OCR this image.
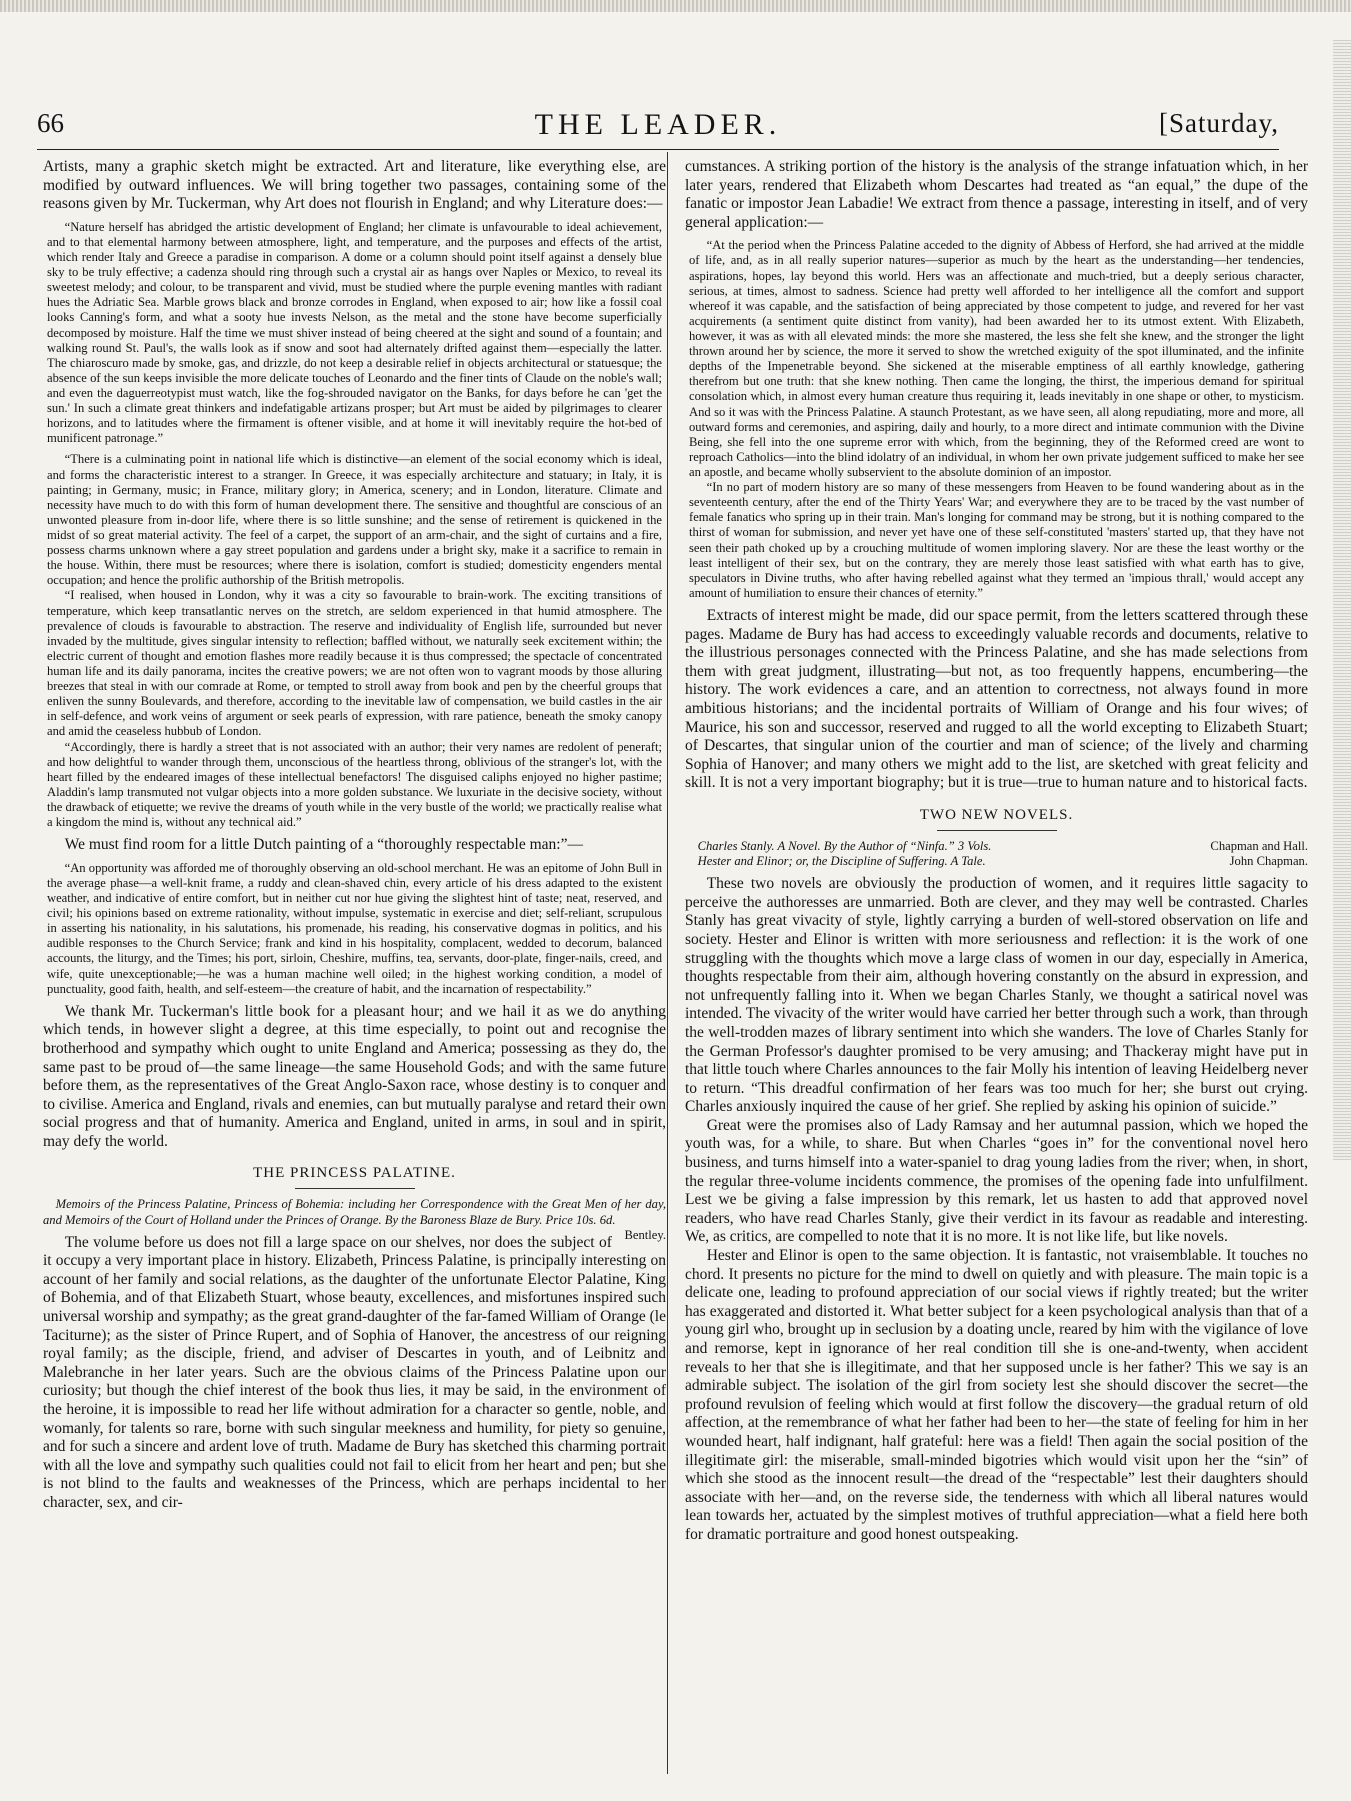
66	THE LEADER.	[Saturday,

Artists, many a graphic sketch might be extracted. Art and literature, like everything else, are modified by outward influences. We will bring together two passages, containing some of the reasons given by Mr. Tuckerman, why Art does not flourish in England; and why Literature does:—

“Nature herself has abridged the artistic development of England; her climate is unfavourable to ideal achievement, and to that elemental harmony between atmosphere, light, and temperature, and the purposes and effects of the artist, which render Italy and Greece a paradise in comparison. A dome or a column should point itself against a densely blue sky to be truly effective; a cadenza should ring through such a crystal air as hangs over Naples or Mexico, to reveal its sweetest melody; and colour, to be transparent and vivid, must be studied where the purple evening mantles with radiant hues the Adriatic Sea. Marble grows black and bronze corrodes in England, when exposed to air; how like a fossil coal looks Canning's form, and what a sooty hue invests Nelson, as the metal and the stone have become superficially decomposed by moisture. Half the time we must shiver instead of being cheered at the sight and sound of a fountain; and walking round St. Paul's, the walls look as if snow and soot had alternately drifted against them—especially the latter. The chiaroscuro made by smoke, gas, and drizzle, do not keep a desirable relief in objects architectural or statuesque; the absence of the sun keeps invisible the more delicate touches of Leonardo and the finer tints of Claude on the noble's wall; and even the daguerreotypist must watch, like the fog-shrouded navigator on the Banks, for days before he can 'get the sun.' In such a climate great thinkers and indefatigable artizans prosper; but Art must be aided by pilgrimages to clearer horizons, and to latitudes where the firmament is oftener visible, and at home it will inevitably require the hot-bed of munificent patronage.”

“There is a culminating point in national life which is distinctive—an element of the social economy which is ideal, and forms the characteristic interest to a stranger. In Greece, it was especially architecture and statuary; in Italy, it is painting; in Germany, music; in France, military glory; in America, scenery; and in London, literature. Climate and necessity have much to do with this form of human development there. The sensitive and thoughtful are conscious of an unwonted pleasure from in-door life, where there is so little sunshine; and the sense of retirement is quickened in the midst of so great material activity. The feel of a carpet, the support of an arm-chair, and the sight of curtains and a fire, possess charms unknown where a gay street population and gardens under a bright sky, make it a sacrifice to remain in the house. Within, there must be resources; where there is isolation, comfort is studied; domesticity engenders mental occupation; and hence the prolific authorship of the British metropolis.

“I realised, when housed in London, why it was a city so favourable to brain-work. The exciting transitions of temperature, which keep transatlantic nerves on the stretch, are seldom experienced in that humid atmosphere. The prevalence of clouds is favourable to abstraction. The reserve and individuality of English life, surrounded but never invaded by the multitude, gives singular intensity to reflection; baffled without, we naturally seek excitement within; the electric current of thought and emotion flashes more readily because it is thus compressed; the spectacle of concentrated human life and its daily panorama, incites the creative powers; we are not often won to vagrant moods by those alluring breezes that steal in with our comrade at Rome, or tempted to stroll away from book and pen by the cheerful groups that enliven the sunny Boulevards, and therefore, according to the inevitable law of compensation, we build castles in the air in self-defence, and work veins of argument or seek pearls of expression, with rare patience, beneath the smoky canopy and amid the ceaseless hubbub of London.

“Accordingly, there is hardly a street that is not associated with an author; their very names are redolent of peneraft; and how delightful to wander through them, unconscious of the heartless throng, oblivious of the stranger's lot, with the heart filled by the endeared images of these intellectual benefactors! The disguised caliphs enjoyed no higher pastime; Aladdin's lamp transmuted not vulgar objects into a more golden substance. We luxuriate in the decisive society, without the drawback of etiquette; we revive the dreams of youth while in the very bustle of the world; we practically realise what a kingdom the mind is, without any technical aid.”

We must find room for a little Dutch painting of a “thoroughly respectable man:”—

“An opportunity was afforded me of thoroughly observing an old-school merchant. He was an epitome of John Bull in the average phase—a well-knit frame, a ruddy and clean-shaved chin, every article of his dress adapted to the existent weather, and indicative of entire comfort, but in neither cut nor hue giving the slightest hint of taste; neat, reserved, and civil; his opinions based on extreme rationality, without impulse, systematic in exercise and diet; self-reliant, scrupulous in asserting his nationality, in his salutations, his promenade, his reading, his conservative dogmas in politics, and his audible responses to the Church Service; frank and kind in his hospitality, complacent, wedded to decorum, balanced accounts, the liturgy, and the Times; his port, sirloin, Cheshire, muffins, tea, servants, door-plate, finger-nails, creed, and wife, quite unexceptionable;—he was a human machine well oiled; in the highest working condition, a model of punctuality, good faith, health, and self-esteem—the creature of habit, and the incarnation of respectability.”

We thank Mr. Tuckerman's little book for a pleasant hour; and we hail it as we do anything which tends, in however slight a degree, at this time especially, to point out and recognise the brotherhood and sympathy which ought to unite England and America; possessing as they do, the same past to be proud of—the same lineage—the same Household Gods; and with the same future before them, as the representatives of the Great Anglo-Saxon race, whose destiny is to conquer and to civilise. America and England, rivals and enemies, can but mutually paralyse and retard their own social progress and that of humanity. America and England, united in arms, in soul and in spirit, may defy the world.

THE PRINCESS PALATINE.

Memoirs of the Princess Palatine, Princess of Bohemia: including her Correspondence with the Great Men of her day, and Memoirs of the Court of Holland under the Princes of Orange. By the Baroness Blaze de Bury. Price 10s. 6d.
Bentley.

The volume before us does not fill a large space on our shelves, nor does the subject of it occupy a very important place in history. Elizabeth, Princess Palatine, is principally interesting on account of her family and social relations, as the daughter of the unfortunate Elector Palatine, King of Bohemia, and of that Elizabeth Stuart, whose beauty, excellences, and misfortunes inspired such universal worship and sympathy; as the great grand-daughter of the far-famed William of Orange (le Taciturne); as the sister of Prince Rupert, and of Sophia of Hanover, the ancestress of our reigning royal family; as the disciple, friend, and adviser of Descartes in youth, and of Leibnitz and Malebranche in her later years. Such are the obvious claims of the Princess Palatine upon our curiosity; but though the chief interest of the book thus lies, it may be said, in the environment of the heroine, it is impossible to read her life without admiration for a character so gentle, noble, and womanly, for talents so rare, borne with such singular meekness and humility, for piety so genuine, and for such a sincere and ardent love of truth. Madame de Bury has sketched this charming portrait with all the love and sympathy such qualities could not fail to elicit from her heart and pen; but she is not blind to the faults and weaknesses of the Princess, which are perhaps incidental to her character, sex, and cir-

cumstances. A striking portion of the history is the analysis of the strange infatuation which, in her later years, rendered that Elizabeth whom Descartes had treated as “an equal,” the dupe of the fanatic or impostor Jean Labadie! We extract from thence a passage, interesting in itself, and of very general application:—

“At the period when the Princess Palatine acceded to the dignity of Abbess of Herford, she had arrived at the middle of life, and, as in all really superior natures—superior as much by the heart as the understanding—her tendencies, aspirations, hopes, lay beyond this world. Hers was an affectionate and much-tried, but a deeply serious character, serious, at times, almost to sadness. Science had pretty well afforded to her intelligence all the comfort and support whereof it was capable, and the satisfaction of being appreciated by those competent to judge, and revered for her vast acquirements (a sentiment quite distinct from vanity), had been awarded her to its utmost extent. With Elizabeth, however, it was as with all elevated minds: the more she mastered, the less she felt she knew, and the stronger the light thrown around her by science, the more it served to show the wretched exiguity of the spot illuminated, and the infinite depths of the Impenetrable beyond. She sickened at the miserable emptiness of all earthly knowledge, gathering therefrom but one truth: that she knew nothing. Then came the longing, the thirst, the imperious demand for spiritual consolation which, in almost every human creature thus requiring it, leads inevitably in one shape or other, to mysticism. And so it was with the Princess Palatine. A staunch Protestant, as we have seen, all along repudiating, more and more, all outward forms and ceremonies, and aspiring, daily and hourly, to a more direct and intimate communion with the Divine Being, she fell into the one supreme error with which, from the beginning, they of the Reformed creed are wont to reproach Catholics—into the blind idolatry of an individual, in whom her own private judgement sufficed to make her see an apostle, and became wholly subservient to the absolute dominion of an impostor.

“In no part of modern history are so many of these messengers from Heaven to be found wandering about as in the seventeenth century, after the end of the Thirty Years' War; and everywhere they are to be traced by the vast number of female fanatics who spring up in their train. Man's longing for command may be strong, but it is nothing compared to the thirst of woman for submission, and never yet have one of these self-constituted 'masters' started up, that they have not seen their path choked up by a crouching multitude of women imploring slavery. Nor are these the least worthy or the least intelligent of their sex, but on the contrary, they are merely those least satisfied with what earth has to give, speculators in Divine truths, who after having rebelled against what they termed an 'impious thrall,' would accept any amount of humiliation to ensure their chances of eternity.”

Extracts of interest might be made, did our space permit, from the letters scattered through these pages. Madame de Bury has had access to exceedingly valuable records and documents, relative to the illustrious personages connected with the Princess Palatine, and she has made selections from them with great judgment, illustrating—but not, as too frequently happens, encumbering—the history. The work evidences a care, and an attention to correctness, not always found in more ambitious historians; and the incidental portraits of William of Orange and his four wives; of Maurice, his son and successor, reserved and rugged to all the world excepting to Elizabeth Stuart; of Descartes, that singular union of the courtier and man of science; of the lively and charming Sophia of Hanover; and many others we might add to the list, are sketched with great felicity and skill. It is not a very important biography; but it is true—true to human nature and to historical facts.

TWO NEW NOVELS.

Charles Stanly. A Novel. By the Author of “Ninfa.” 3 Vols.	Chapman and Hall.

Hester and Elinor; or, the Discipline of Suffering. A Tale.	John Chapman.

These two novels are obviously the production of women, and it requires little sagacity to perceive the authoresses are unmarried. Both are clever, and they may well be contrasted. Charles Stanly has great vivacity of style, lightly carrying a burden of well-stored observation on life and society. Hester and Elinor is written with more seriousness and reflection: it is the work of one struggling with the thoughts which move a large class of women in our day, especially in America, thoughts respectable from their aim, although hovering constantly on the absurd in expression, and not unfrequently falling into it. When we began Charles Stanly, we thought a satirical novel was intended. The vivacity of the writer would have carried her better through such a work, than through the well-trodden mazes of library sentiment into which she wanders. The love of Charles Stanly for the German Professor's daughter promised to be very amusing; and Thackeray might have put in that little touch where Charles announces to the fair Molly his intention of leaving Heidelberg never to return. “This dreadful confirmation of her fears was too much for her; she burst out crying. Charles anxiously inquired the cause of her grief. She replied by asking his opinion of suicide.”

Great were the promises also of Lady Ramsay and her autumnal passion, which we hoped the youth was, for a while, to share. But when Charles “goes in” for the conventional novel hero business, and turns himself into a water-spaniel to drag young ladies from the river; when, in short, the regular three-volume incidents commence, the promises of the opening fade into unfulfilment. Lest we be giving a false impression by this remark, let us hasten to add that approved novel readers, who have read Charles Stanly, give their verdict in its favour as readable and interesting. We, as critics, are compelled to note that it is no more. It is not like life, but like novels.

Hester and Elinor is open to the same objection. It is fantastic, not vraisemblable. It touches no chord. It presents no picture for the mind to dwell on quietly and with pleasure. The main topic is a delicate one, leading to profound appreciation of our social views if rightly treated; but the writer has exaggerated and distorted it. What better subject for a keen psychological analysis than that of a young girl who, brought up in seclusion by a doating uncle, reared by him with the vigilance of love and remorse, kept in ignorance of her real condition till she is one-and-twenty, when accident reveals to her that she is illegitimate, and that her supposed uncle is her father? This we say is an admirable subject. The isolation of the girl from society lest she should discover the secret—the profound revulsion of feeling which would at first follow the discovery—the gradual return of old affection, at the remembrance of what her father had been to her—the state of feeling for him in her wounded heart, half indignant, half grateful: here was a field! Then again the social position of the illegitimate girl: the miserable, small-minded bigotries which would visit upon her the “sin” of which she stood as the innocent result—the dread of the “respectable” lest their daughters should associate with her—and, on the reverse side, the tenderness with which all liberal natures would lean towards her, actuated by the simplest motives of truthful appreciation—what a field here both for dramatic portraiture and good honest outspeaking.
